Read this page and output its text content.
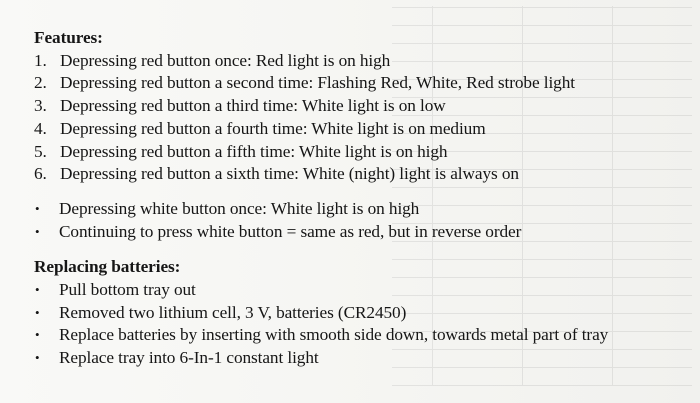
Features:

1. Depressing red button once: Red light is on high
2. Depressing red button a second time: Flashing Red, White, Red strobe light
3. Depressing red button a third time: White light is on low
4. Depressing red button a fourth time: White light is on medium
5. Depressing red button a fifth time: White light is on high
6. Depressing red button a sixth time: White (night) light is always on
• Depressing white button once: White light is on high
• Continuing to press white button = same as red, but in reverse order

Replacing batteries:

• Pull bottom tray out
• Removed two lithium cell, 3 V, batteries (CR2450)
• Replace batteries by inserting with smooth side down, towards metal part of tray
• Replace tray into 6-In-1 constant light
